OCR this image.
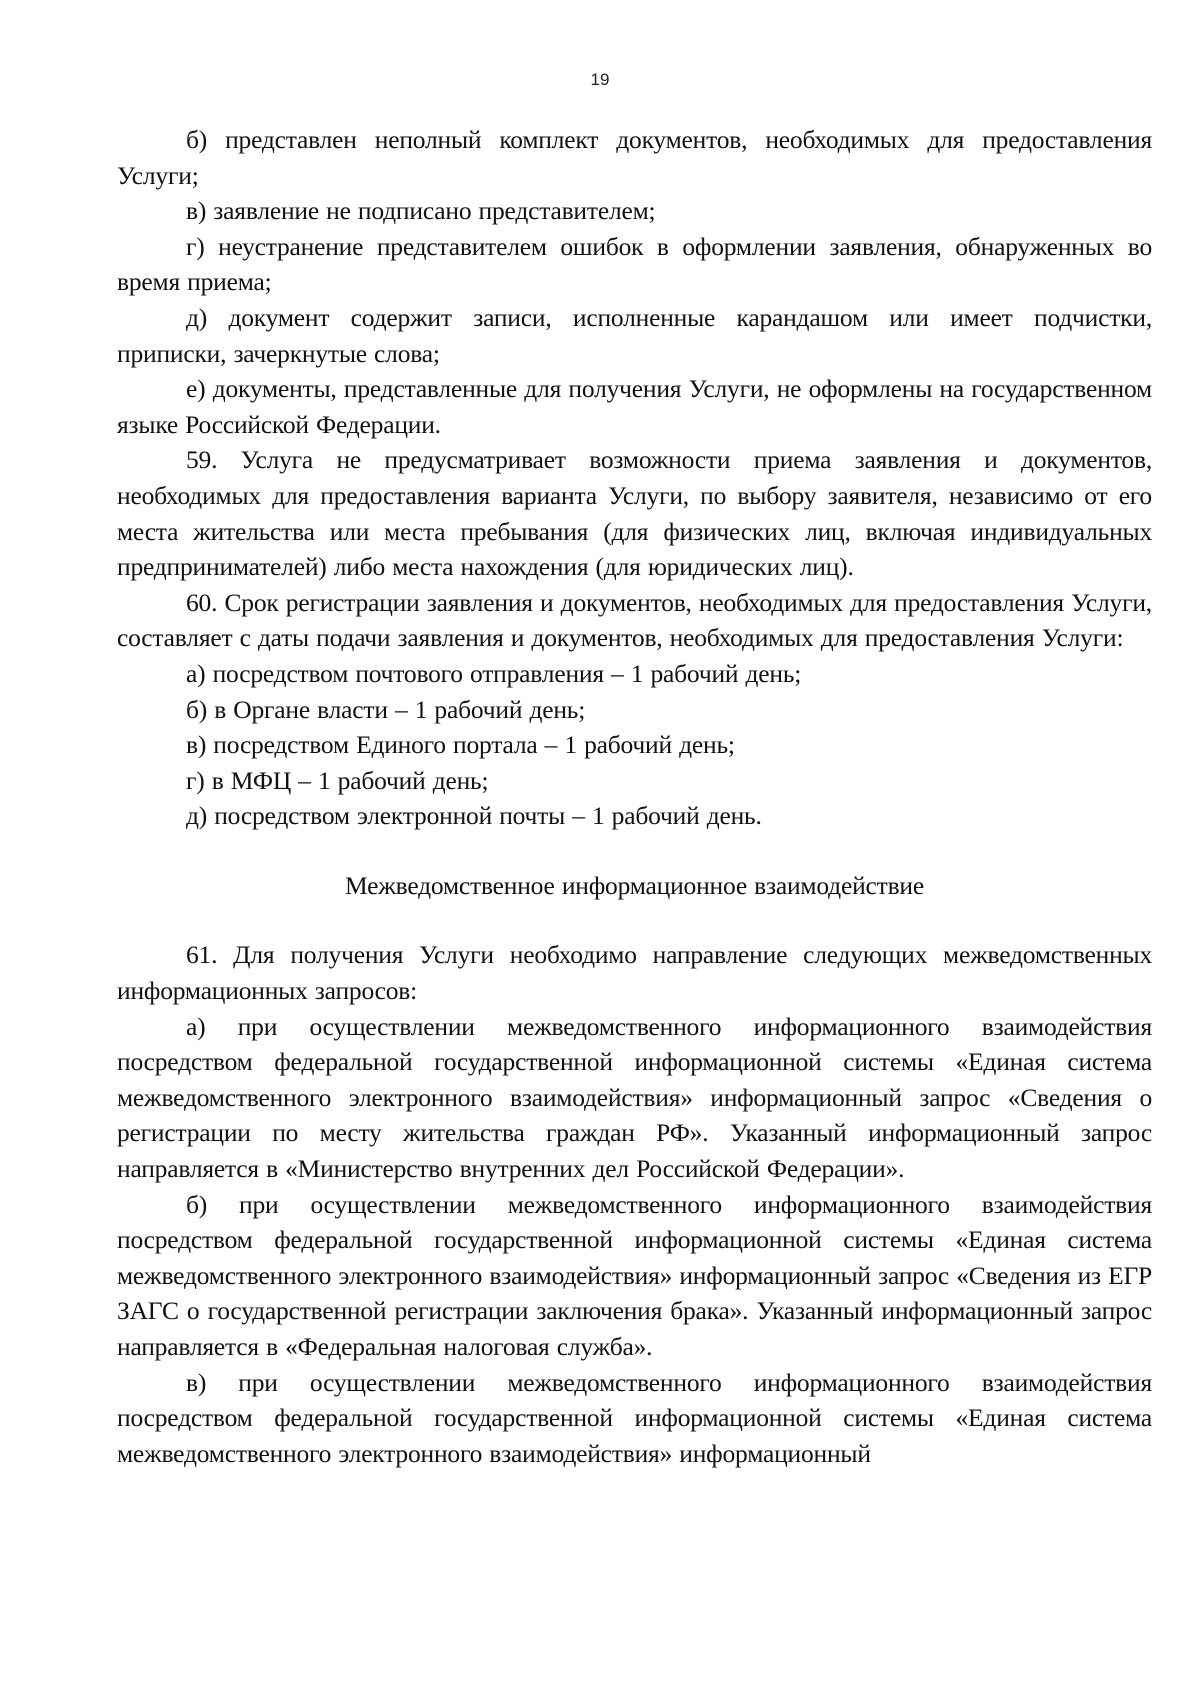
19

б) представлен неполный комплект документов, необходимых для предоставления Услуги;

в) заявление не подписано представителем;

г) неустранение представителем ошибок в оформлении заявления, обнаруженных во время приема;

д) документ содержит записи, исполненные карандашом или имеет подчистки, приписки, зачеркнутые слова;

е) документы, представленные для получения Услуги, не оформлены на государственном языке Российской Федерации.

59. Услуга не предусматривает возможности приема заявления и документов, необходимых для предоставления варианта Услуги, по выбору заявителя, независимо от его места жительства или места пребывания (для физических лиц, включая индивидуальных предпринимателей) либо места нахождения (для юридических лиц).

60. Срок регистрации заявления и документов, необходимых для предоставления Услуги, составляет с даты подачи заявления и документов, необходимых для предоставления Услуги:

а) посредством почтового отправления – 1 рабочий день;

б) в Органе власти – 1 рабочий день;

в) посредством Единого портала – 1 рабочий день;

г) в МФЦ – 1 рабочий день;

д) посредством электронной почты – 1 рабочий день.

Межведомственное информационное взаимодействие

61. Для получения Услуги необходимо направление следующих межведомственных информационных запросов:

а) при осуществлении межведомственного информационного взаимодействия посредством федеральной государственной информационной системы «Единая система межведомственного электронного взаимодействия» информационный запрос «Сведения о регистрации по месту жительства граждан РФ». Указанный информационный запрос направляется в «Министерство внутренних дел Российской Федерации».

б) при осуществлении межведомственного информационного взаимодействия посредством федеральной государственной информационной системы «Единая система межведомственного электронного взаимодействия» информационный запрос «Сведения из ЕГР ЗАГС о государственной регистрации заключения брака». Указанный информационный запрос направляется в «Федеральная налоговая служба».

в) при осуществлении межведомственного информационного взаимодействия посредством федеральной государственной информационной системы «Единая система межведомственного электронного взаимодействия» информационный
